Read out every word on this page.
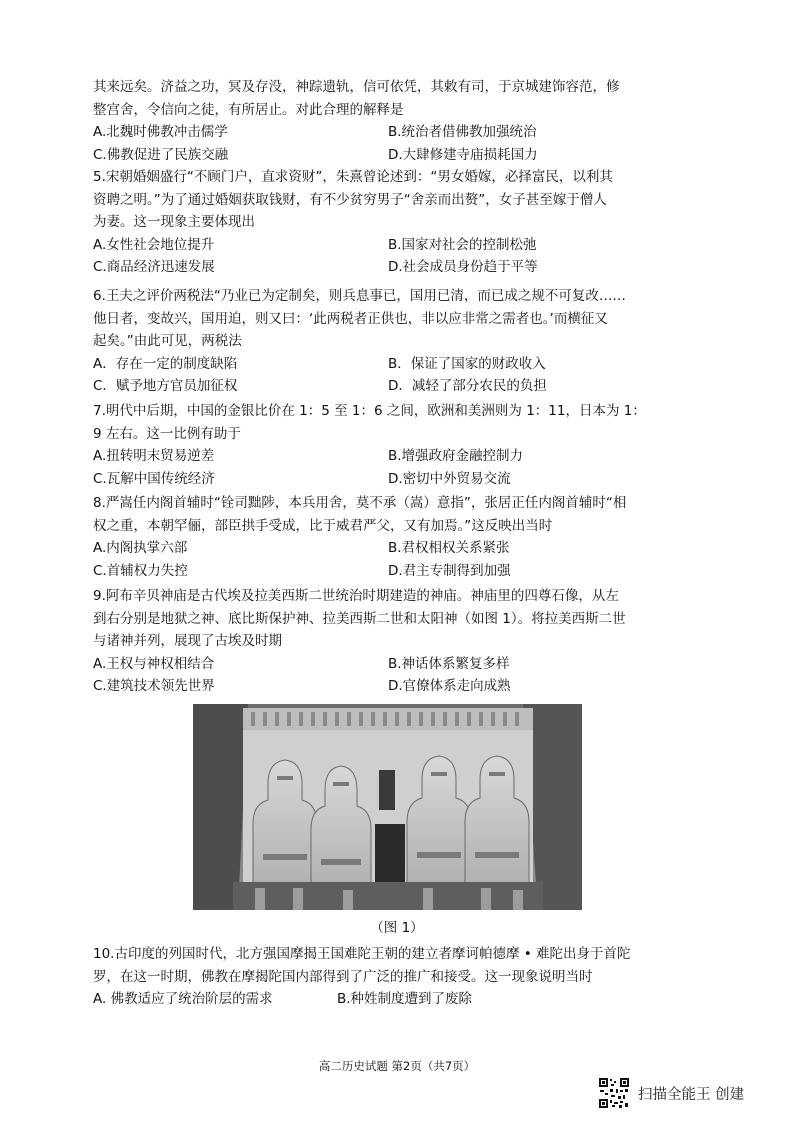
其来远矣。济益之功，冥及存没，神踪遗轨，信可依凭，其敕有司，于京城建饰容范，修
整宫舍，令信向之徒，有所居止。对此合理的解释是
A.北魏时佛教冲击儒学	B.统治者借佛教加强统治
C.佛教促进了民族交融	D.大肆修建寺庙损耗国力
5.宋朝婚姻盛行“不顾门户，直求资财”，朱熹曾论述到：“男女婚嫁，必择富民，以利其
资聘之明。”为了通过婚姻获取钱财，有不少贫穷男子“舍亲而出赘”，女子甚至嫁于僧人
为妻。这一现象主要体现出
A.女性社会地位提升	B.国家对社会的控制松弛
C.商品经济迅速发展	D.社会成员身份趋于平等
6.王夫之评价两税法“乃业已为定制矣，则兵息事已，国用已清，而已成之规不可复改……
他日者，变故兴，国用迫，则又曰：‘此两税者正供也，非以应非常之需者也。’而横征又
起矣。”由此可见，两税法
A．存在一定的制度缺陷	B．保证了国家的财政收入
C．赋予地方官员加征权	D．减轻了部分农民的负担
7.明代中后期，中国的金银比价在 1：5 至 1：6 之间，欧洲和美洲则为 1：11，日本为 1：
9 左右。这一比例有助于
A.扭转明末贸易逆差	B.增强政府金融控制力
C.瓦解中国传统经济	D.密切中外贸易交流
8.严嵩任内阁首辅时“铨司黜陟，本兵用舍，莫不承（嵩）意指”，张居正任内阁首辅时“相
权之重，本朝罕俪，部臣拱手受成，比于威君严父，又有加焉。”这反映出当时
A.内阁执掌六部	B.君权相权关系紧张
C.首辅权力失控	D.君主专制得到加强
9.阿布辛贝神庙是古代埃及拉美西斯二世统治时期建造的神庙。神庙里的四尊石像，从左
到右分别是地狱之神、底比斯保护神、拉美西斯二世和太阳神（如图 1）。将拉美西斯二世
与诸神并列，展现了古埃及时期
A.王权与神权相结合	B.神话体系繁复多样
C.建筑技术领先世界	D.官僚体系走向成熟
（图 1）
10.古印度的列国时代，北方强国摩揭王国难陀王朝的建立者摩诃帕德摩 • 难陀出身于首陀
罗，在这一时期，佛教在摩揭陀国内部得到了广泛的推广和接受。这一现象说明当时
A. 佛教适应了统治阶层的需求	B.种姓制度遭到了废除
高二历史试题 第2页（共7页）
扫描全能王 创建
